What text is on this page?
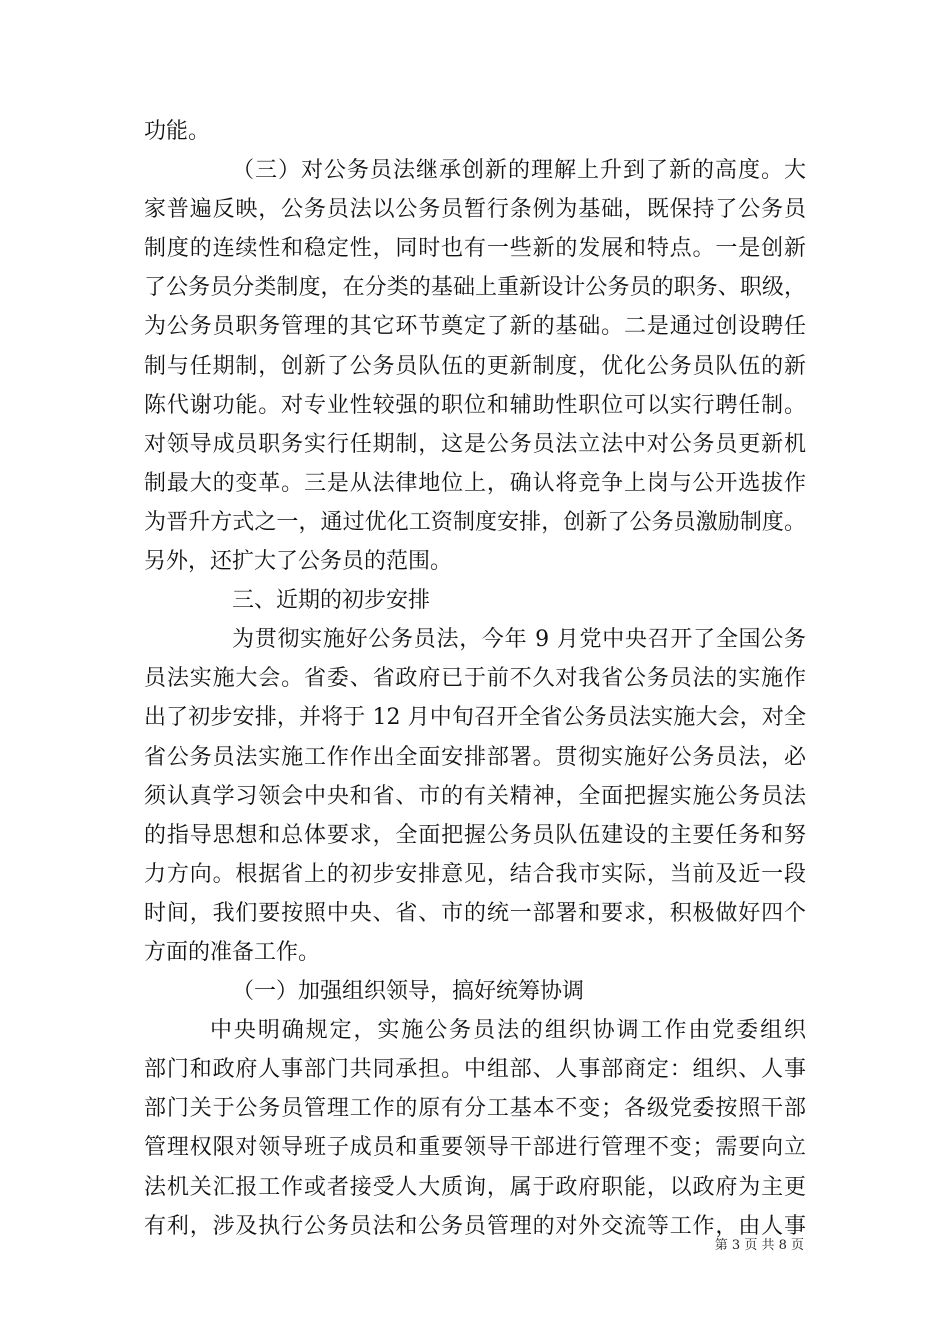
功能。
（三）对公务员法继承创新的理解上升到了新的高度。大
家普遍反映，公务员法以公务员暂行条例为基础，既保持了公务员
制度的连续性和稳定性，同时也有一些新的发展和特点。一是创新
了公务员分类制度，在分类的基础上重新设计公务员的职务、职级，
为公务员职务管理的其它环节奠定了新的基础。二是通过创设聘任
制与任期制，创新了公务员队伍的更新制度，优化公务员队伍的新
陈代谢功能。对专业性较强的职位和辅助性职位可以实行聘任制。
对领导成员职务实行任期制，这是公务员法立法中对公务员更新机
制最大的变革。三是从法律地位上，确认将竞争上岗与公开选拔作
为晋升方式之一，通过优化工资制度安排，创新了公务员激励制度。
另外，还扩大了公务员的范围。
三、近期的初步安排
为贯彻实施好公务员法，今年 9 月党中央召开了全国公务
员法实施大会。省委、省政府已于前不久对我省公务员法的实施作
出了初步安排，并将于 12 月中旬召开全省公务员法实施大会，对全
省公务员法实施工作作出全面安排部署。贯彻实施好公务员法，必
须认真学习领会中央和省、市的有关精神，全面把握实施公务员法
的指导思想和总体要求，全面把握公务员队伍建设的主要任务和努
力方向。根据省上的初步安排意见，结合我市实际，当前及近一段
时间，我们要按照中央、省、市的统一部署和要求，积极做好四个
方面的准备工作。
（一）加强组织领导，搞好统筹协调
中央明确规定，实施公务员法的组织协调工作由党委组织
部门和政府人事部门共同承担。中组部、人事部商定：组织、人事
部门关于公务员管理工作的原有分工基本不变；各级党委按照干部
管理权限对领导班子成员和重要领导干部进行管理不变；需要向立
法机关汇报工作或者接受人大质询，属于政府职能，以政府为主更
有利，涉及执行公务员法和公务员管理的对外交流等工作，由人事
第 3 页 共 8 页
